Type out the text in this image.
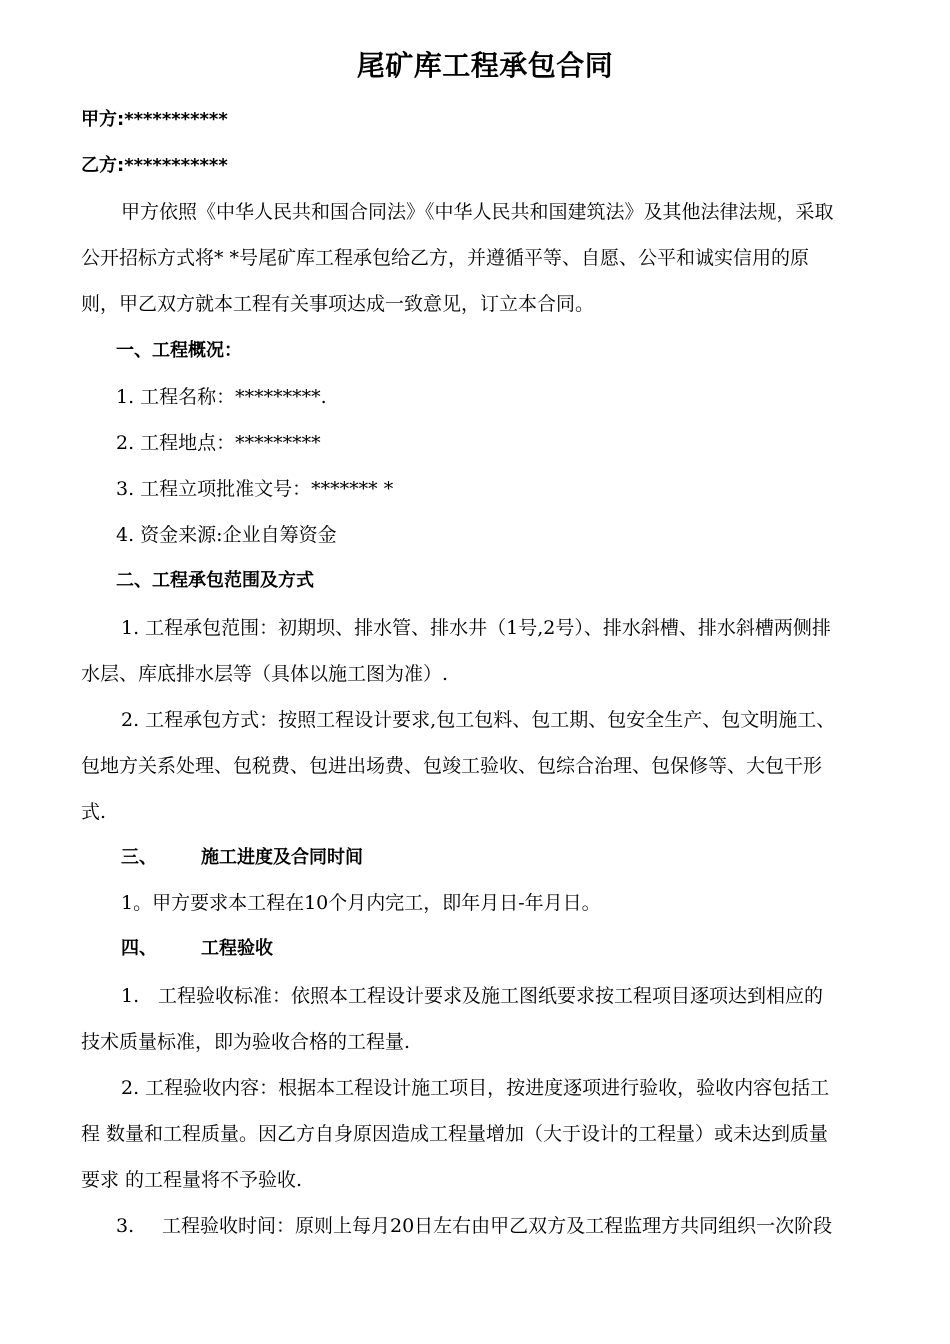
尾矿库工程承包合同
甲方:***********
乙方:***********
甲方依照《中华人民共和国合同法》《中华人民共和国建筑法》及其他法律法规，采取
公开招标方式将* *号尾矿库工程承包给乙方，并遵循平等、自愿、公平和诚实信用的原
则，甲乙双方就本工程有关事项达成一致意见，订立本合同。
一、工程概况：
1. 工程名称：*********.
2. 工程地点：*********
3. 工程立项批准文号：******* *
4. 资金来源:企业自筹资金
二、工程承包范围及方式
1. 工程承包范围：初期坝、排水管、排水井（1号,2号）、排水斜槽、排水斜槽两侧排
水层、库底排水层等（具体以施工图为准）.
2. 工程承包方式：按照工程设计要求,包工包料、包工期、包安全生产、包文明施工、
包地方关系处理、包税费、包进出场费、包竣工验收、包综合治理、包保修等、大包干形
式.
三、 施工进度及合同时间
1。甲方要求本工程在10个月内完工，即年月日-年月日。
四、 工程验收
1. 工程验收标准：依照本工程设计要求及施工图纸要求按工程项目逐项达到相应的
技术质量标准，即为验收合格的工程量.
2. 工程验收内容：根据本工程设计施工项目，按进度逐项进行验收，验收内容包括工
程 数量和工程质量。因乙方自身原因造成工程量增加（大于设计的工程量）或未达到质量
要求 的工程量将不予验收.
3. 工程验收时间：原则上每月20日左右由甲乙双方及工程监理方共同组织一次阶段
